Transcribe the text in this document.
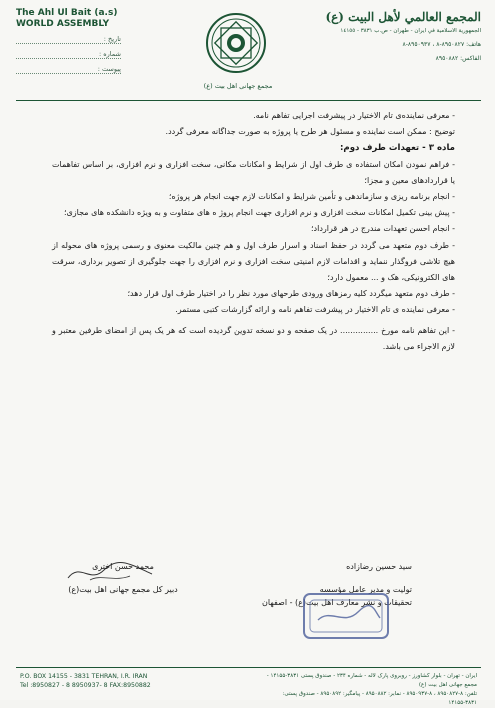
The Ahl Ul Bait (a.s)
WORLD ASSEMBLY
تاریخ :
شماره :
پیوست :
مجمع جهانی اهل بیت (ع)
المجمع العالمي لأهل البيت (ع)
الجمهورية الاسلامية في ايران - طهران - ص.ب ٣٨٣١ - ١٤١٥٥
هاتف: ٨٩٥٠٨٢٧-٨ ، ٨٩٥٠٩٣٧-٨
الفاكس: ٨٩٥٠٨٨٢

- معرفی نماینده‌ی تام الاختیار در پیشرفت اجرایی تفاهم نامه.

توضیح : ممکن است نماینده و مسئول هر طرح یا پروژه به صورت جداگانه معرفی گردد.

ماده ۳ - تعهدات طرف دوم:

- فراهم نمودن امکان استفاده ی طرف اول از شرایط و امکانات مکانی، سخت افزاری و نرم افزاری، بر اساس تفاهمات یا قراردادهای معین و مجزا؛

- انجام برنامه ریزی و سازماندهی و تأمین شرایط و امکانات لازم جهت انجام هر پروژه؛

- پیش بینی تکمیل امکانات سخت افزاری و نرم افزاری جهت انجام پروژ ه های متفاوت و به ویژه دانشکده های مجازی؛

- انجام احسن تعهدات مندرج در هر قرارداد؛

- طرف دوم متعهد می گردد در حفظ اسناد و اسرار طرف اول و هم چنین مالکیت معنوی و رسمی پروژه های محوله از هیچ تلاشی فروگذار ننماید و اقدامات لازم امنیتی سخت افزاری و نرم افزاری را جهت جلوگیری از تصویر برداری، سرقت های الکترونیکی، هک و ... معمول دارد؛

- طرف دوم متعهد میگردد کلیه رمزهای ورودی طرحهای مورد نظر را در اختیار طرف اول قرار دهد؛

- معرفی نماینده ی تام الاختیار در پیشرفت تفاهم نامه و ارائه گزارشات کتبی مستمر.

- این تفاهم نامه مورخ ............... در یک صفحه و دو نسخه تدوین گردیده است که هر یک پس از امضای طرفین معتبر و لازم الاجراء می باشد.

محمد حسن اختری
دبیر کل مجمع جهانی اهل بیت(ع)
سید حسین رضازاده
تولیت و مدیر عامل مؤسسه
تحقیقات و نشر معارف اهل بیت(ع) - اصفهان
P.O. BOX 14155 - 3831 TEHRAN, I.R. IRAN
Tel :8950827 - 8 8950937- 8 FAX:8950882
ایران - تهران - بلوار کشاورز - روبروی پارک لاله - شماره ۲۳۴ - صندوق پستی ۳۸۳۱-۱۴۱۵۵ - مجمع جهانی اهل بیت (ع)
تلفن: ۸-۸۹۵۰۸۲۷ ، ۸-۸۹۵۰۹۳۷ - نمابر: ۸۹۵۰۸۸۲ - پیامگیر: ۸۹۵۰۸۹۲ - صندوق پستی: ۳۸۳۱-۱۴۱۵۵
